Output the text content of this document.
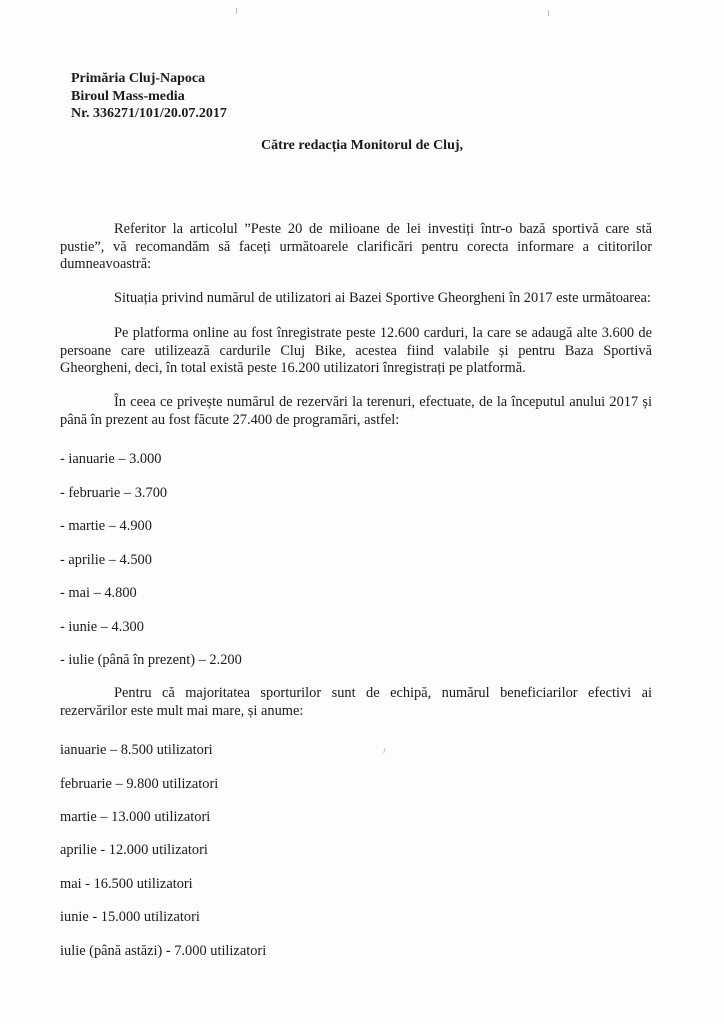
Primăria Cluj-Napoca
Biroul Mass-media
Nr. 336271/101/20.07.2017
Către redacția Monitorul de Cluj,
Referitor la articolul ”Peste 20 de milioane de lei investiți într-o bază sportivă care stă pustie”, vă recomandăm să faceți următoarele clarificări pentru corecta informare a cititorilor dumneavoastră:
Situația privind numărul de utilizatori ai Bazei Sportive Gheorgheni în 2017 este următoarea:
Pe platforma online au fost înregistrate peste 12.600 carduri, la care se adaugă alte 3.600 de persoane care utilizează cardurile Cluj Bike, acestea fiind valabile și pentru Baza Sportivă Gheorgheni, deci, în total există peste 16.200 utilizatori înregistrați pe platformă.
În ceea ce privește numărul de rezervări la terenuri, efectuate, de la începutul anului 2017 și până în prezent au fost făcute 27.400 de programări, astfel:
- ianuarie – 3.000
- februarie – 3.700
- martie – 4.900
- aprilie – 4.500
- mai – 4.800
- iunie – 4.300
- iulie (până în prezent) – 2.200
Pentru că majoritatea sporturilor sunt de echipă, numărul beneficiarilor efectivi ai rezervărilor este mult mai mare, și anume:
ianuarie – 8.500 utilizatori
februarie – 9.800 utilizatori
martie – 13.000 utilizatori
aprilie - 12.000 utilizatori
mai - 16.500 utilizatori
iunie - 15.000 utilizatori
iulie (până astăzi) - 7.000 utilizatori
